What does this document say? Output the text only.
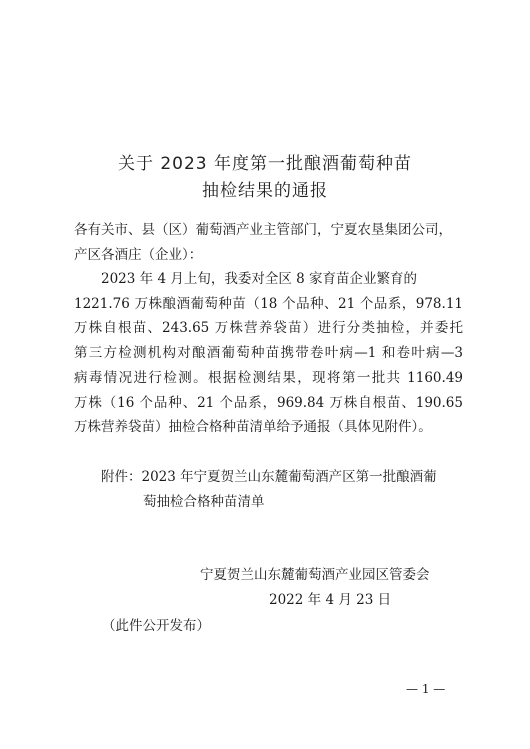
关于 2023 年度第一批酿酒葡萄种苗
抽检结果的通报
各有关市、县（区）葡萄酒产业主管部门，宁夏农垦集团公司，
产区各酒庄（企业）：
2023 年 4 月上旬，我委对全区 8 家育苗企业繁育的
1221.76 万株酿酒葡萄种苗（18 个品种、21 个品系，978.11
万株自根苗、243.65 万株营养袋苗）进行分类抽检，并委托
第三方检测机构对酿酒葡萄种苗携带卷叶病—1 和卷叶病—3
病毒情况进行检测。根据检测结果，现将第一批共 1160.49
万株（16 个品种、21 个品系，969.84 万株自根苗、190.65
万株营养袋苗）抽检合格种苗清单给予通报（具体见附件）。
附件：2023 年宁夏贺兰山东麓葡萄酒产区第一批酿酒葡
萄抽检合格种苗清单
宁夏贺兰山东麓葡萄酒产业园区管委会
2022 年 4 月 23 日
（此件公开发布）
— 1 —
